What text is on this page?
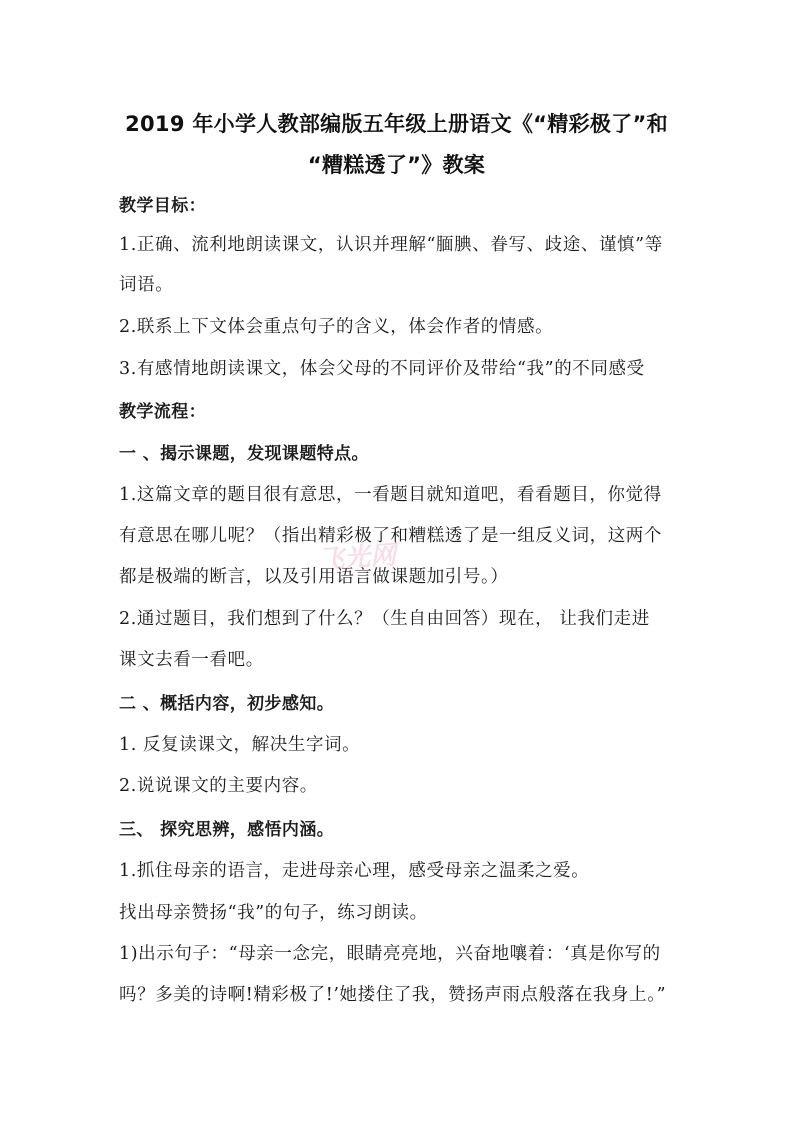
2019 年小学人教部编版五年级上册语文《“精彩极了”和
“糟糕透了”》教案
教学目标：
1.正确、流利地朗读课文，认识并理解“腼腆、眷写、歧途、谨慎”等
词语。
2.联系上下文体会重点句子的含义，体会作者的情感。
3.有感情地朗读课文，体会父母的不同评价及带给“我”的不同感受
教学流程：
一 、揭示课题，发现课题特点。
1.这篇文章的题目很有意思，一看题目就知道吧，看看题目，你觉得
有意思在哪儿呢？（指出精彩极了和糟糕透了是一组反义词，这两个
都是极端的断言，以及引用语言做课题加引号。）
2.通过题目，我们想到了什么？（生自由回答）现在， 让我们走进
课文去看一看吧。
二 、概括内容，初步感知。
1. 反复读课文，解决生字词。
2.说说课文的主要内容。
三、 探究思辨，感悟内涵。
1.抓住母亲的语言，走进母亲心理，感受母亲之温柔之爱。
找出母亲赞扬“我”的句子，练习朗读。
1)出示句子：“母亲一念完，眼睛亮亮地，兴奋地嚷着：‘真是你写的
吗？多美的诗啊!精彩极了!’她搂住了我，赞扬声雨点般落在我身上。”
飞光网
